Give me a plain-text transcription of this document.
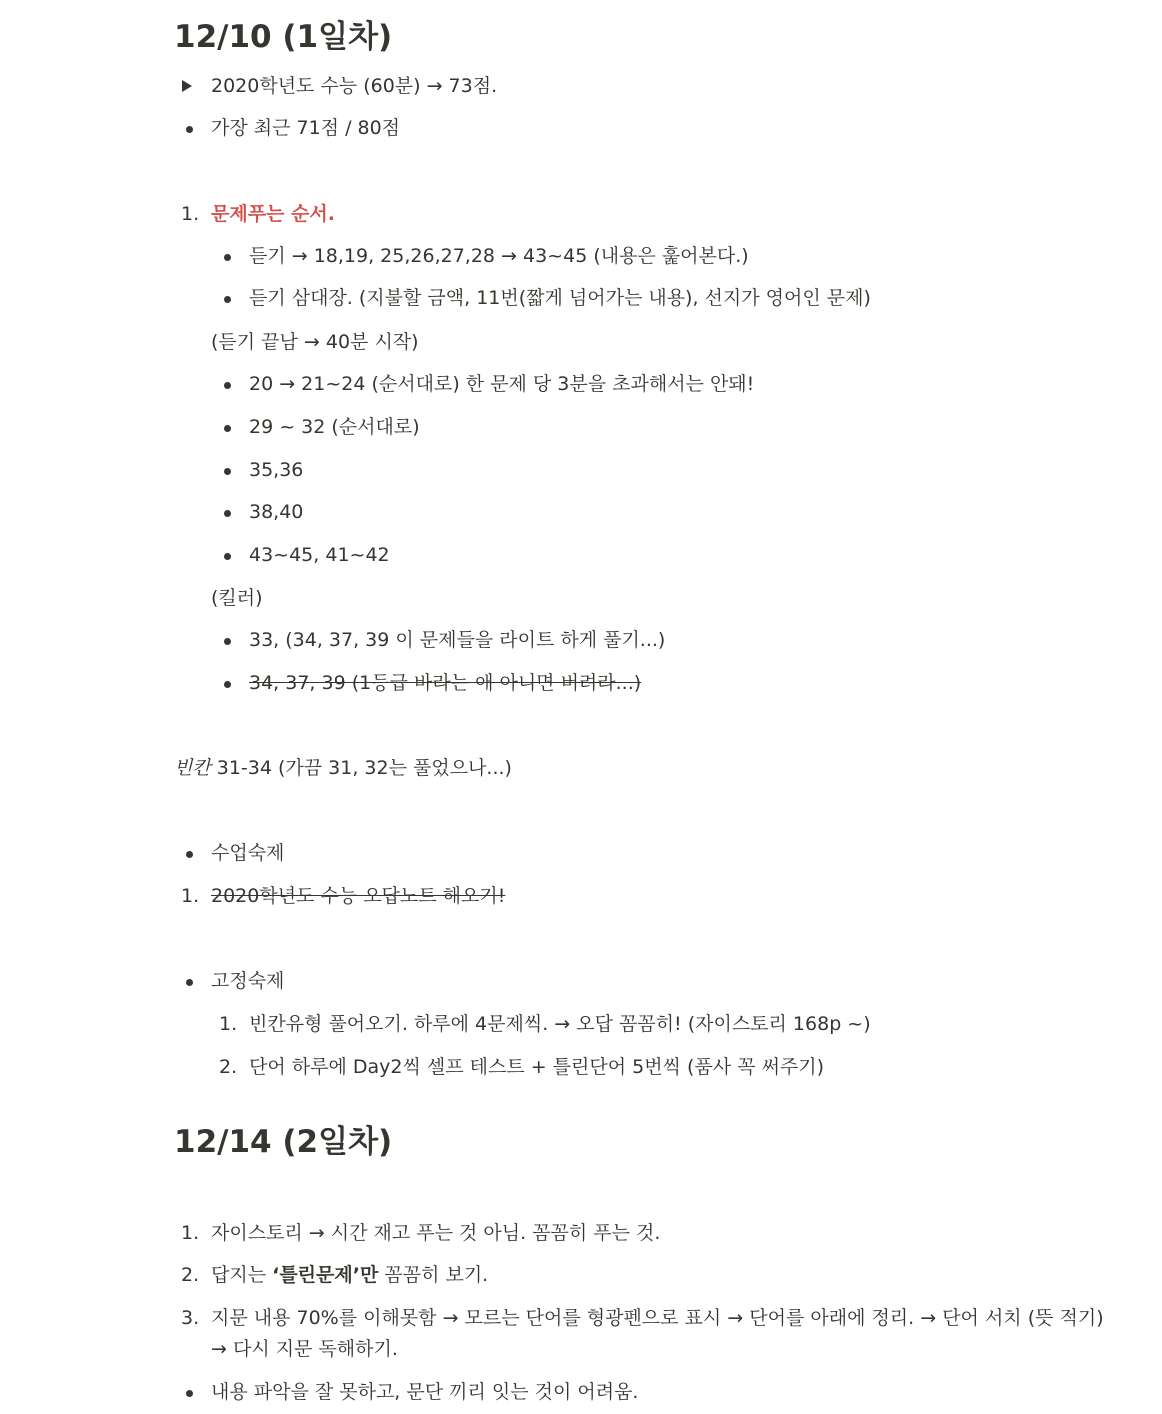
12/10 (1일차)
2020학년도 수능 (60분) → 73점.
가장 최근 71점 / 80점
1. 문제푸는 순서.
듣기 → 18,19, 25,26,27,28 → 43~45 (내용은 훑어본다.)
듣기 삼대장. (지불할 금액, 11번(짧게 넘어가는 내용), 선지가 영어인 문제)
(듣기 끝남 → 40분 시작)
20 → 21~24 (순서대로) 한 문제 당 3분을 초과해서는 안돼!
29 ~ 32 (순서대로)
35,36
38,40
43~45, 41~42
(킬러)
33, (34, 37, 39 이 문제들을 라이트 하게 풀기...)
34, 37, 39 (1등급 바라는 애 아니면 버려라...)
빈칸 31-34 (가끔 31, 32는 풀었으나...)
수업숙제
1. 2020학년도 수능 오답노트 해오기!
고정숙제
1. 빈칸유형 풀어오기. 하루에 4문제씩. → 오답 꼼꼼히! (자이스토리 168p ~)
2. 단어 하루에 Day2씩 셀프 테스트 + 틀린단어 5번씩 (품사 꼭 써주기)
12/14 (2일차)
1. 자이스토리 → 시간 재고 푸는 것 아님. 꼼꼼히 푸는 것.
2. 답지는 ‘틀린문제’만 꼼꼼히 보기.
3. 지문 내용 70%를 이해못함 → 모르는 단어를 형광펜으로 표시 → 단어를 아래에 정리. → 단어 서치 (뜻 적기)
→ 다시 지문 독해하기.
내용 파악을 잘 못하고, 문단 끼리 잇는 것이 어려움.
